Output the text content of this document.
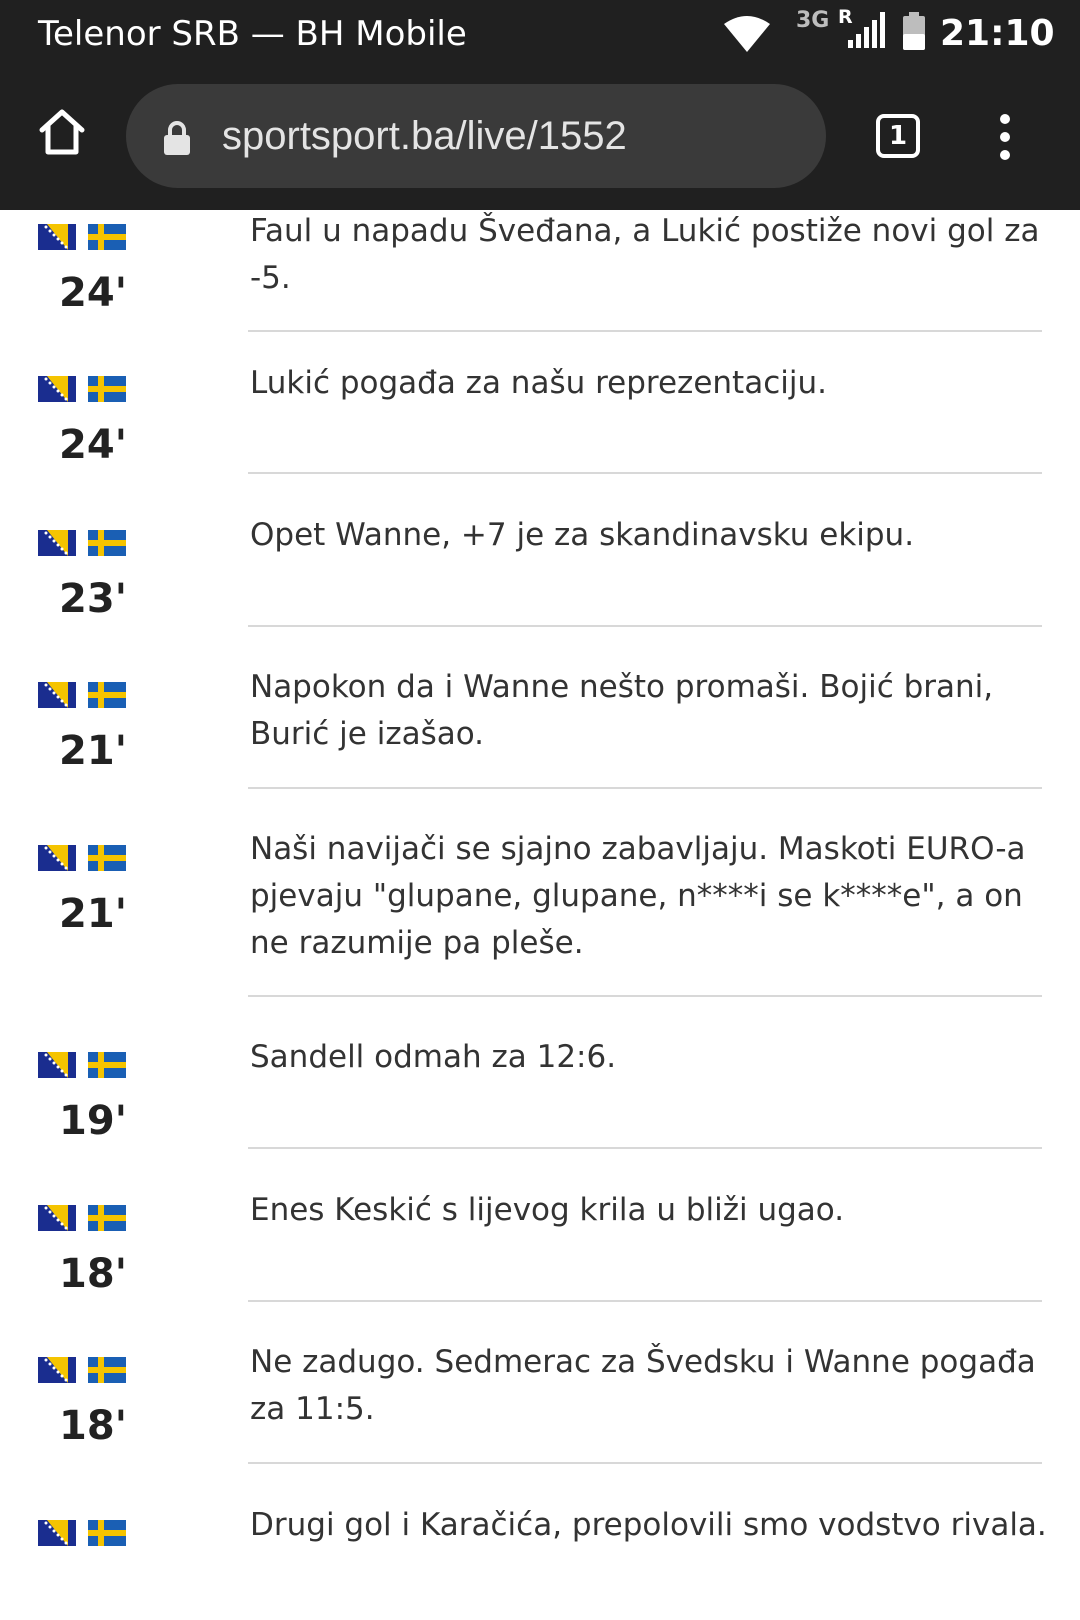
Telenor SRB — BH Mobile	3G R 21:10
sportsport.ba/live/1552	1
24'
Faul u napadu Šveđana, a Lukić postiže novi gol za -5.
24'
Lukić pogađa za našu reprezentaciju.
23'
Opet Wanne, +7 je za skandinavsku ekipu.
21'
Napokon da i Wanne nešto promaši. Bojić brani, Burić je izašao.
21'
Naši navijači se sjajno zabavljaju. Maskoti EURO-a pjevaju "glupane, glupane, n****i se k****e", a on ne razumije pa pleše.
19'
Sandell odmah za 12:6.
18'
Enes Keskić s lijevog krila u bliži ugao.
18'
Ne zadugo. Sedmerac za Švedsku i Wanne pogađa za 11:5.
Drugi gol i Karačića, prepolovili smo vodstvo rivala.
